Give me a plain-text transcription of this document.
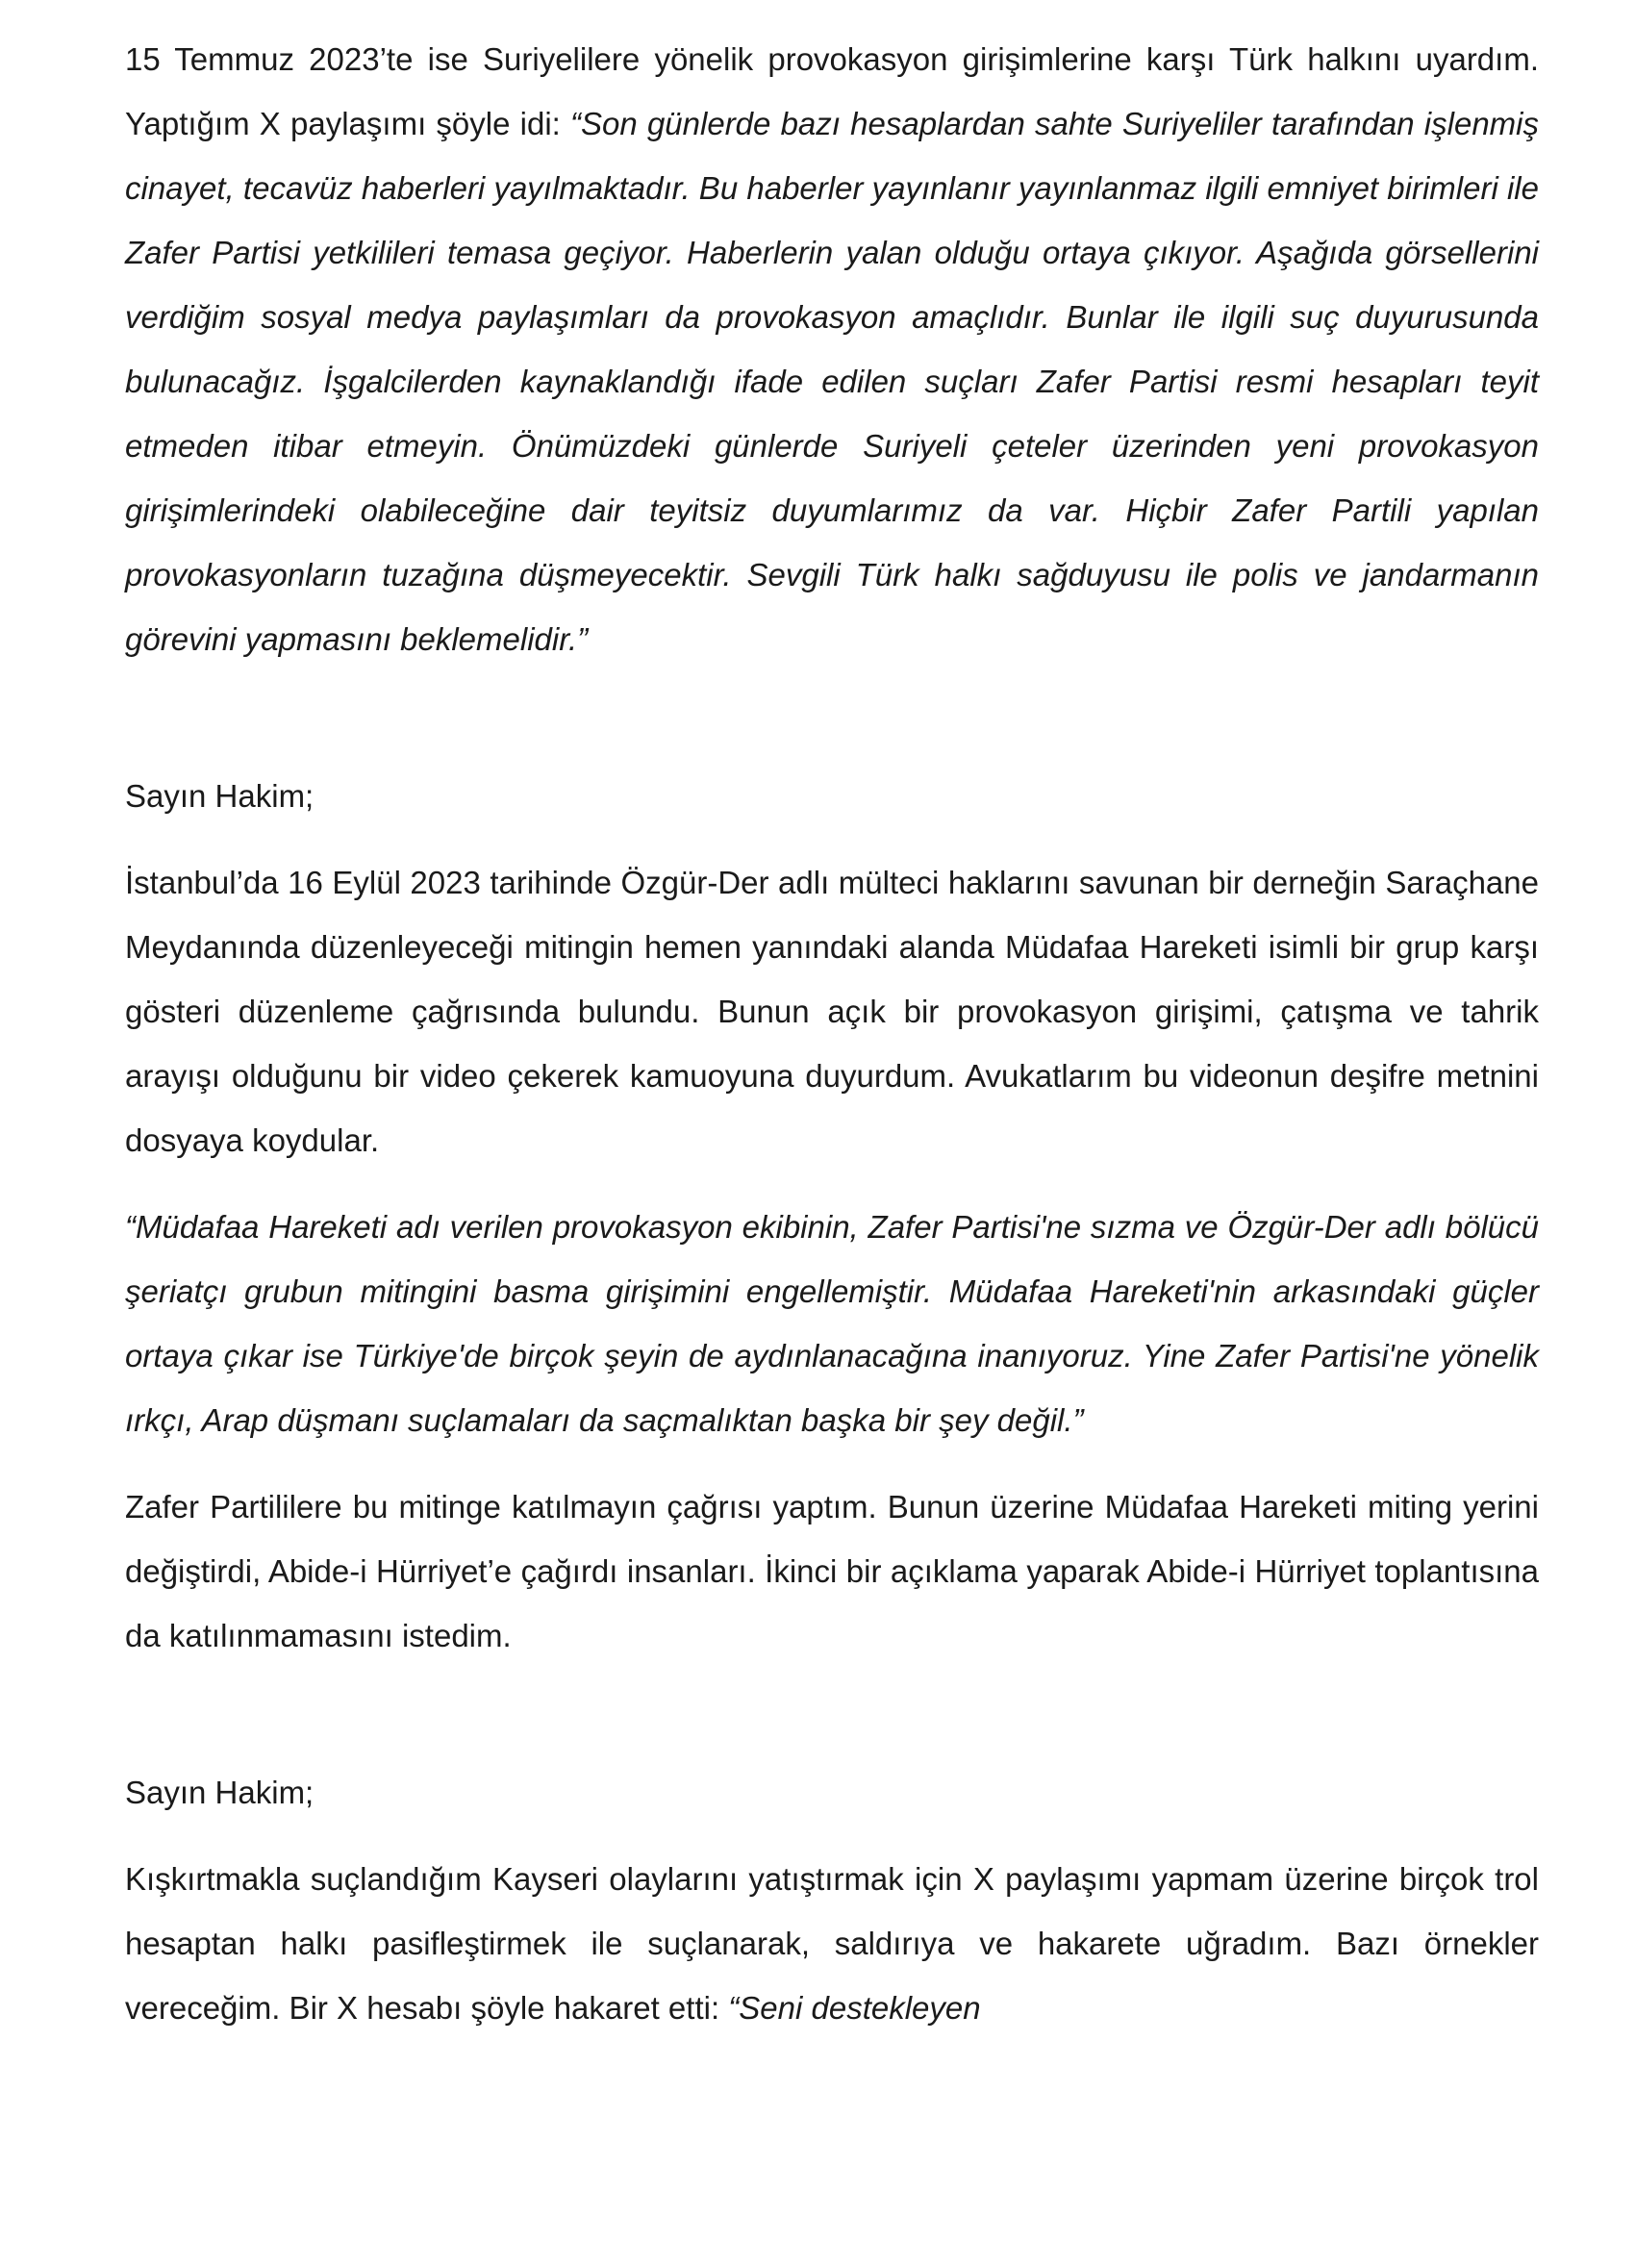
15 Temmuz 2023’te ise Suriyelilere yönelik provokasyon girişimlerine karşı Türk halkını uyardım. Yaptığım X paylaşımı şöyle idi: “Son günlerde bazı hesaplardan sahte Suriyeliler tarafından işlenmiş cinayet, tecavüz haberleri yayılmaktadır. Bu haberler yayınlanır yayınlanmaz ilgili emniyet birimleri ile Zafer Partisi yetkilileri temasa geçiyor. Haberlerin yalan olduğu ortaya çıkıyor. Aşağıda görsellerini verdiğim sosyal medya paylaşımları da provokasyon amaçlıdır. Bunlar ile ilgili suç duyurusunda bulunacağız. İşgalcilerden kaynaklandığı ifade edilen suçları Zafer Partisi resmi hesapları teyit etmeden itibar etmeyin. Önümüzdeki günlerde Suriyeli çeteler üzerinden yeni provokasyon girişimlerindeki olabileceğine dair teyitsiz duyumlarımız da var. Hiçbir Zafer Partili yapılan provokasyonların tuzağına düşmeyecektir. Sevgili Türk halkı sağduyusu ile polis ve jandarmanın görevini yapmasını beklemelidir.”

Sayın Hakim;

İstanbul’da 16 Eylül 2023 tarihinde Özgür-Der adlı mülteci haklarını savunan bir derneğin Saraçhane Meydanında düzenleyeceği mitingin hemen yanındaki alanda Müdafaa Hareketi isimli bir grup karşı gösteri düzenleme çağrısında bulundu. Bunun açık bir provokasyon girişimi, çatışma ve tahrik arayışı olduğunu bir video çekerek kamuoyuna duyurdum. Avukatlarım bu videonun deşifre metnini dosyaya koydular.

“Müdafaa Hareketi adı verilen provokasyon ekibinin, Zafer Partisi'ne sızma ve Özgür-Der adlı bölücü şeriatçı grubun mitingini basma girişimini engellemiştir. Müdafaa Hareketi'nin arkasındaki güçler ortaya çıkar ise Türkiye'de birçok şeyin de aydınlanacağına inanıyoruz. Yine Zafer Partisi'ne yönelik ırkçı, Arap düşmanı suçlamaları da saçmalıktan başka bir şey değil.”

Zafer Partililere bu mitinge katılmayın çağrısı yaptım. Bunun üzerine Müdafaa Hareketi miting yerini değiştirdi, Abide-i Hürriyet’e çağırdı insanları. İkinci bir açıklama yaparak Abide-i Hürriyet toplantısına da katılınmamasını istedim.

Sayın Hakim;

Kışkırtmakla suçlandığım Kayseri olaylarını yatıştırmak için X paylaşımı yapmam üzerine birçok trol hesaptan halkı pasifleştirmek ile suçlanarak, saldırıya ve hakarete uğradım. Bazı örnekler vereceğim. Bir X hesabı şöyle hakaret etti: “Seni destekleyen
